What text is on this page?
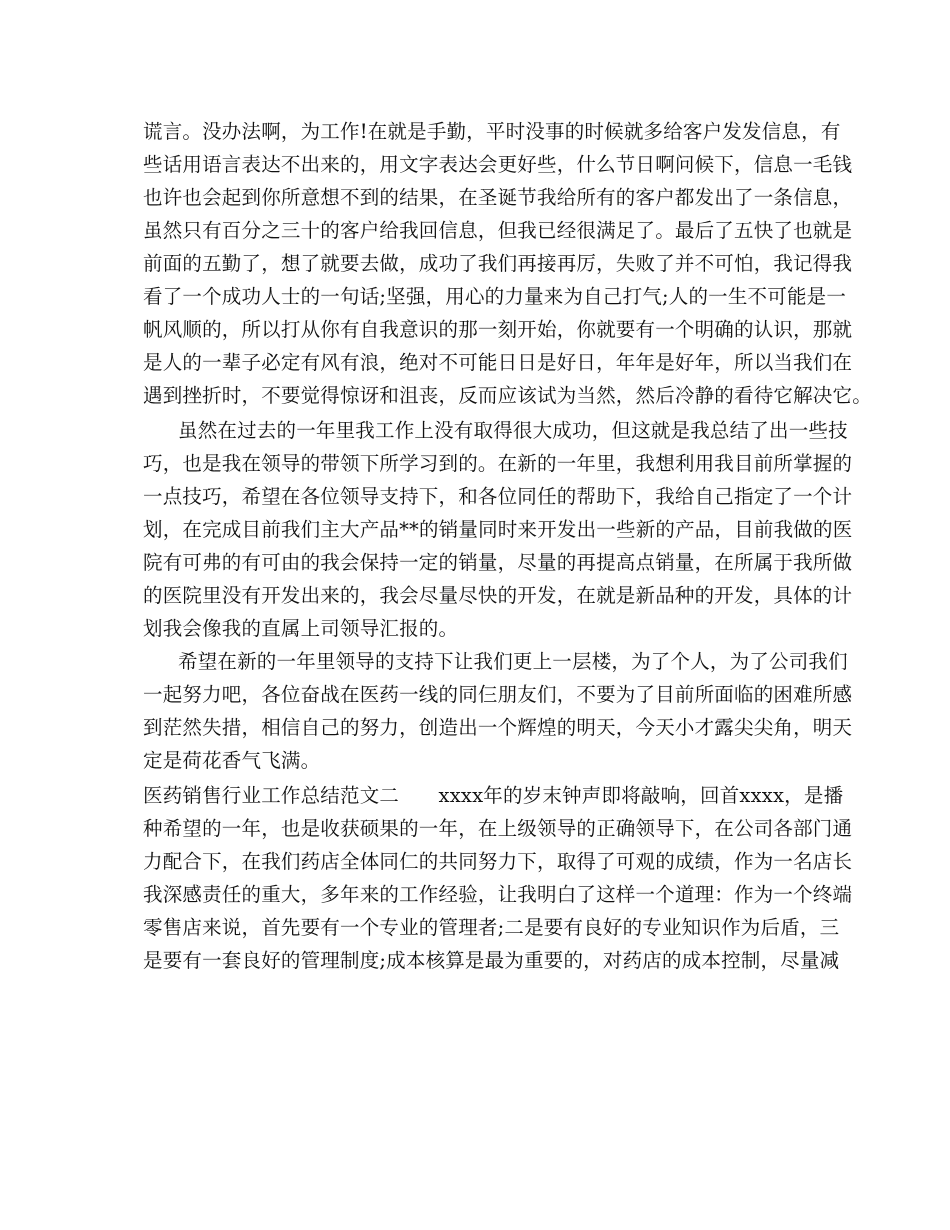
谎言。没办法啊，为工作!在就是手勤，平时没事的时候就多给客户发发信息，有
些话用语言表达不出来的，用文字表达会更好些，什么节日啊问候下，信息一毛钱
也许也会起到你所意想不到的结果，在圣诞节我给所有的客户都发出了一条信息，
虽然只有百分之三十的客户给我回信息，但我已经很满足了。最后了五快了也就是
前面的五勤了，想了就要去做，成功了我们再接再厉，失败了并不可怕，我记得我
看了一个成功人士的一句话;坚强，用心的力量来为自己打气;人的一生不可能是一
帆风顺的，所以打从你有自我意识的那一刻开始，你就要有一个明确的认识，那就
是人的一辈子必定有风有浪，绝对不可能日日是好日，年年是好年，所以当我们在
遇到挫折时，不要觉得惊讶和沮丧，反而应该试为当然，然后冷静的看待它解决它。
虽然在过去的一年里我工作上没有取得很大成功，但这就是我总结了出一些技
巧，也是我在领导的带领下所学习到的。在新的一年里，我想利用我目前所掌握的
一点技巧，希望在各位领导支持下，和各位同任的帮助下，我给自己指定了一个计
划，在完成目前我们主大产品**的销量同时来开发出一些新的产品，目前我做的医
院有可弗的有可由的我会保持一定的销量，尽量的再提高点销量，在所属于我所做
的医院里没有开发出来的，我会尽量尽快的开发，在就是新品种的开发，具体的计
划我会像我的直属上司领导汇报的。
希望在新的一年里领导的支持下让我们更上一层楼，为了个人，为了公司我们
一起努力吧，各位奋战在医药一线的同仨朋友们，不要为了目前所面临的困难所感
到茫然失措，相信自己的努力，创造出一个辉煌的明天，今天小才露尖尖角，明天
定是荷花香气飞满。
医药销售行业工作总结范文二　　xxxx年的岁末钟声即将敲响，回首xxxx，是播
种希望的一年，也是收获硕果的一年，在上级领导的正确领导下，在公司各部门通
力配合下，在我们药店全体同仁的共同努力下，取得了可观的成绩，作为一名店长
我深感责任的重大，多年来的工作经验，让我明白了这样一个道理：作为一个终端
零售店来说，首先要有一个专业的管理者;二是要有良好的专业知识作为后盾，三
是要有一套良好的管理制度;成本核算是最为重要的，对药店的成本控制，尽量减
